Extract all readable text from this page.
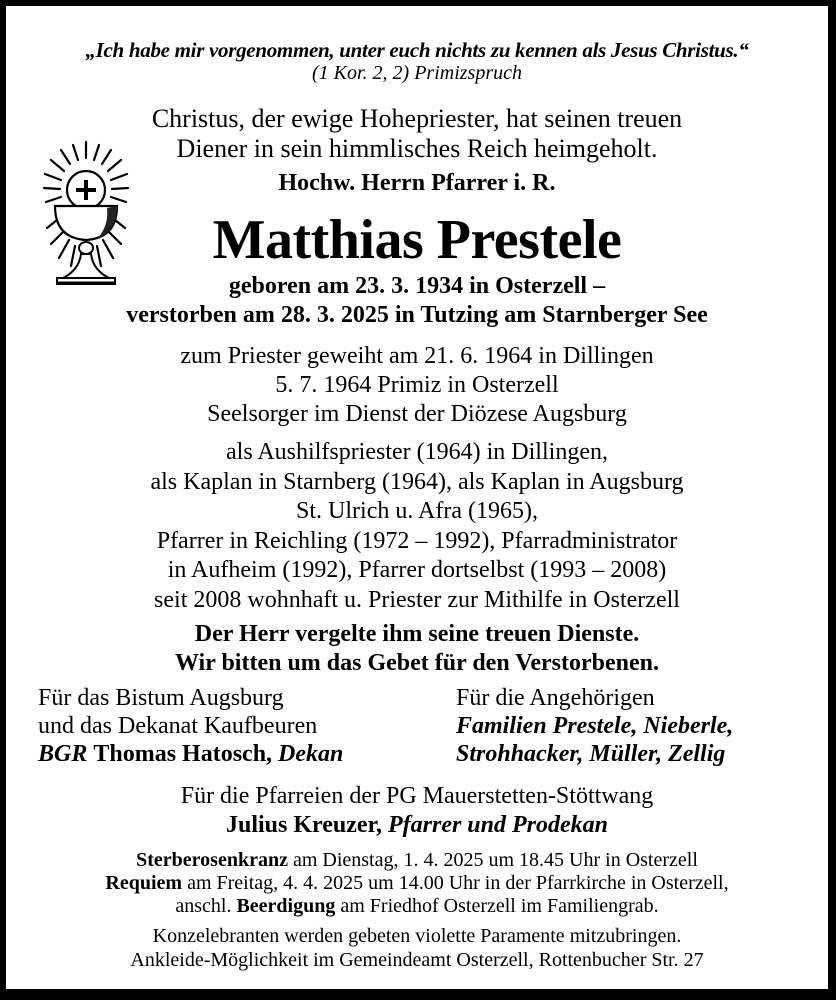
„Ich habe mir vorgenommen, unter euch nichts zu kennen als Jesus Christus.“
(1 Kor. 2, 2) Primizspruch
Christus, der ewige Hohepriester, hat seinen treuen
Diener in sein himmlisches Reich heimgeholt.
Hochw. Herrn Pfarrer i. R.
Matthias Prestele
geboren am 23. 3. 1934 in Osterzell –
verstorben am 28. 3. 2025 in Tutzing am Starnberger See
zum Priester geweiht am 21. 6. 1964 in Dillingen
5. 7. 1964 Primiz in Osterzell
Seelsorger im Dienst der Diözese Augsburg
als Aushilfspriester (1964) in Dillingen,
als Kaplan in Starnberg (1964), als Kaplan in Augsburg
St. Ulrich u. Afra (1965),
Pfarrer in Reichling (1972 – 1992), Pfarradministrator
in Aufheim (1992), Pfarrer dortselbst (1993 – 2008)
seit 2008 wohnhaft u. Priester zur Mithilfe in Osterzell
Der Herr vergelte ihm seine treuen Dienste.
Wir bitten um das Gebet für den Verstorbenen.
Für das Bistum Augsburg
und das Dekanat Kaufbeuren
BGR Thomas Hatosch, Dekan
Für die Angehörigen
Familien Prestele, Nieberle,
Strohhacker, Müller, Zellig
Für die Pfarreien der PG Mauerstetten-Stöttwang
Julius Kreuzer, Pfarrer und Prodekan
Sterberosenkranz am Dienstag, 1. 4. 2025 um 18.45 Uhr in Osterzell
Requiem am Freitag, 4. 4. 2025 um 14.00 Uhr in der Pfarrkirche in Osterzell,
anschl. Beerdigung am Friedhof Osterzell im Familiengrab.
Konzelebranten werden gebeten violette Paramente mitzubringen.
Ankleide-Möglichkeit im Gemeindeamt Osterzell, Rottenbucher Str. 27
